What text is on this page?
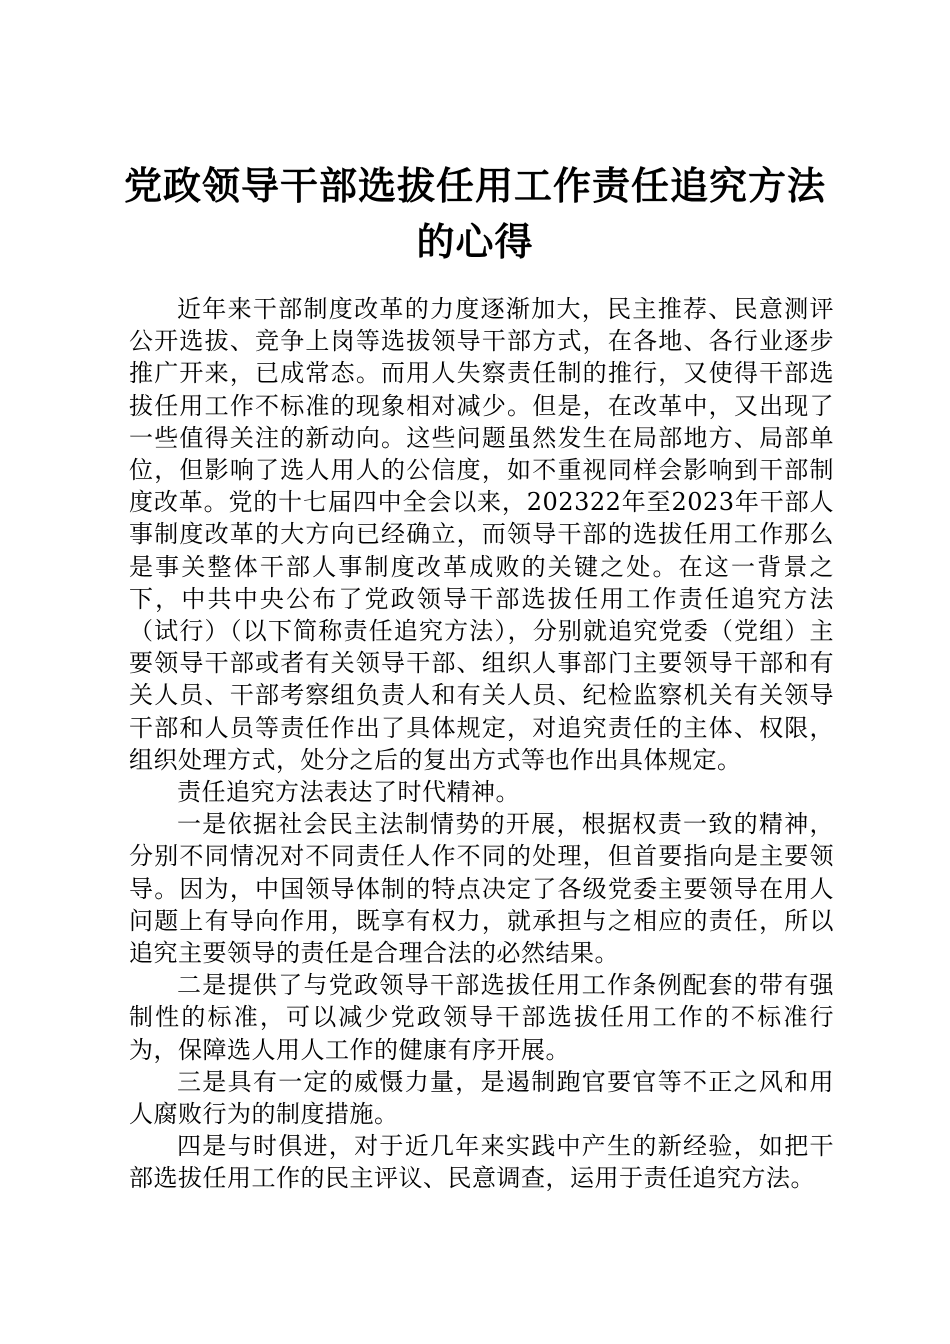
党政领导干部选拔任用工作责任追究方法的心得

近年来干部制度改革的力度逐渐加大，民主推荐、民意测评公开选拔、竞争上岗等选拔领导干部方式，在各地、各行业逐步推广开来，已成常态。而用人失察责任制的推行，又使得干部选拔任用工作不标准的现象相对减少。但是，在改革中，又出现了一些值得关注的新动向。这些问题虽然发生在局部地方、局部单位，但影响了选人用人的公信度，如不重视同样会影响到干部制度改革。党的十七届四中全会以来，202322年至2023年干部人事制度改革的大方向已经确立，而领导干部的选拔任用工作那么是事关整体干部人事制度改革成败的关键之处。在这一背景之下，中共中央公布了党政领导干部选拔任用工作责任追究方法（试行）（以下简称责任追究方法），分别就追究党委（党组）主要领导干部或者有关领导干部、组织人事部门主要领导干部和有关人员、干部考察组负责人和有关人员、纪检监察机关有关领导干部和人员等责任作出了具体规定，对追究责任的主体、权限，组织处理方式，处分之后的复出方式等也作出具体规定。

责任追究方法表达了时代精神。

一是依据社会民主法制情势的开展，根据权责一致的精神，分别不同情况对不同责任人作不同的处理，但首要指向是主要领导。因为，中国领导体制的特点决定了各级党委主要领导在用人问题上有导向作用，既享有权力，就承担与之相应的责任，所以追究主要领导的责任是合理合法的必然结果。

二是提供了与党政领导干部选拔任用工作条例配套的带有强制性的标准，可以减少党政领导干部选拔任用工作的不标准行为，保障选人用人工作的健康有序开展。

三是具有一定的威慑力量，是遏制跑官要官等不正之风和用人腐败行为的制度措施。

四是与时俱进，对于近几年来实践中产生的新经验，如把干部选拔任用工作的民主评议、民意调查，运用于责任追究方法。
